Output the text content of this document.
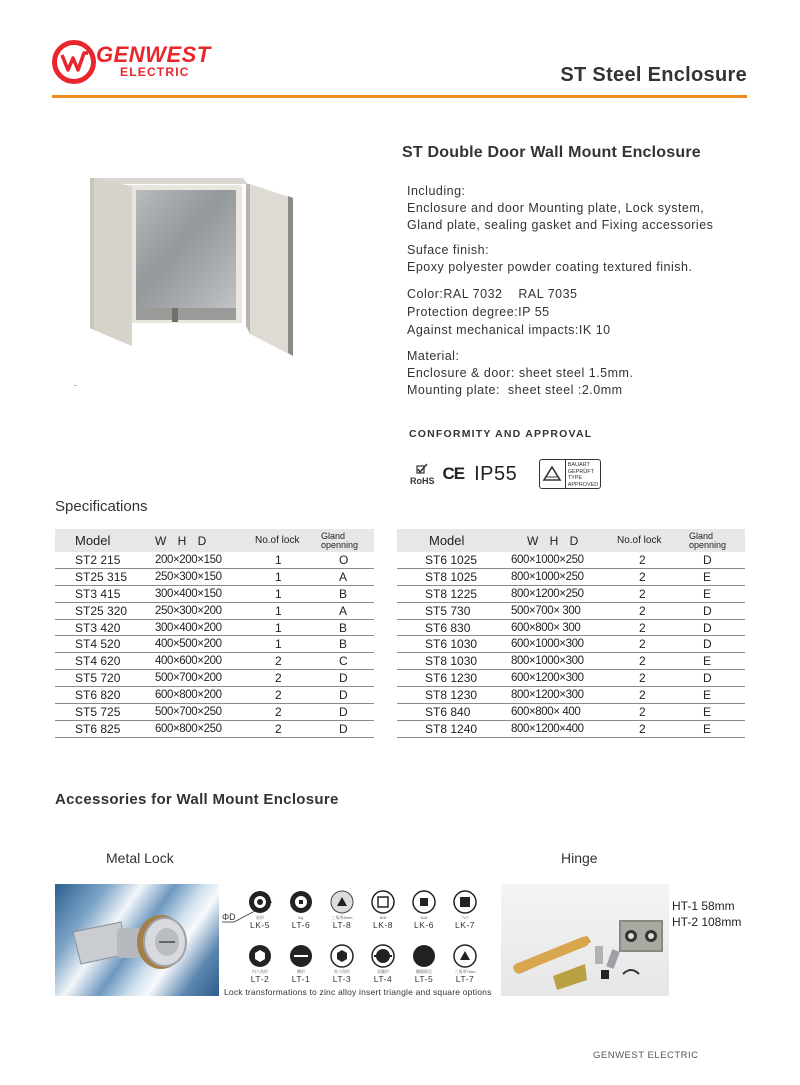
GENWEST
ELECTRIC	ST Steel Enclosure
ST Double Door Wall Mount Enclosure
Including:
Enclosure and door Mounting plate, Lock system,
Gland plate, sealing gasket and Fixing accessories
Suface finish:
Epoxy polyester powder coating textured finish.
Color:RAL 7032    RAL 7035
Protection degree:IP 55
Against mechanical impacts:IK 10
Material:
Enclosure & door: sheet steel 1.5mm.
Mounting plate:  sheet steel :2.0mm
CONFORMITY AND APPROVAL
RoHS CE IP55	BAUART
GEPRÜFT
TYPE
APPROVED
Specifications
Model	W H D	No.of lock	Gland
openning
ST2 215	200×200×150	1	O
ST25 315	250×300×150	1	A
ST3 415	300×400×150	1	B
ST25 320	250×300×200	1	A
ST3 420	300×400×200	1	B
ST4 520	400×500×200	1	B
ST4 620	400×600×200	2	C
ST5 720	500×700×200	2	D
ST6 820	600×800×200	2	D
ST5 725	500×700×250	2	D
ST6 825	600×800×250	2	D
Model	W H D	No.of lock	Gland
openning
ST6 1025	600×1000×250	2	D
ST8 1025	800×1000×250	2	E
ST8 1225	800×1200×250	2	E
ST5 730	500×700× 300	2	D
ST6 830	600×800× 300	2	D
ST6 1030	600×1000×300	2	D
ST8 1030	800×1000×300	2	E
ST6 1230	600×1200×300	2	D
ST8 1230	800×1200×300	2	E
ST6 840	600×800× 400	2	E
ST8 1240	800×1200×400	2	E
Accessories for Wall Mount Enclosure
Metal Lock	Hinge
ΦD	星形
LK-5
Sq.
LT-6
三角形8mm
LT-8
8×8
LK-8
6×6
LK-6
7×7
LK-7
内六角形
LT-2
槽形
LT-1
外六角形
LT-3
双翼形
LT-4
椭圆锁芯
LT-5
三角形7mm
LT-7
Lock transformations to zinc alloy insert triangle and square options
HT-1 58mm
HT-2 108mm
GENWEST ELECTRIC
